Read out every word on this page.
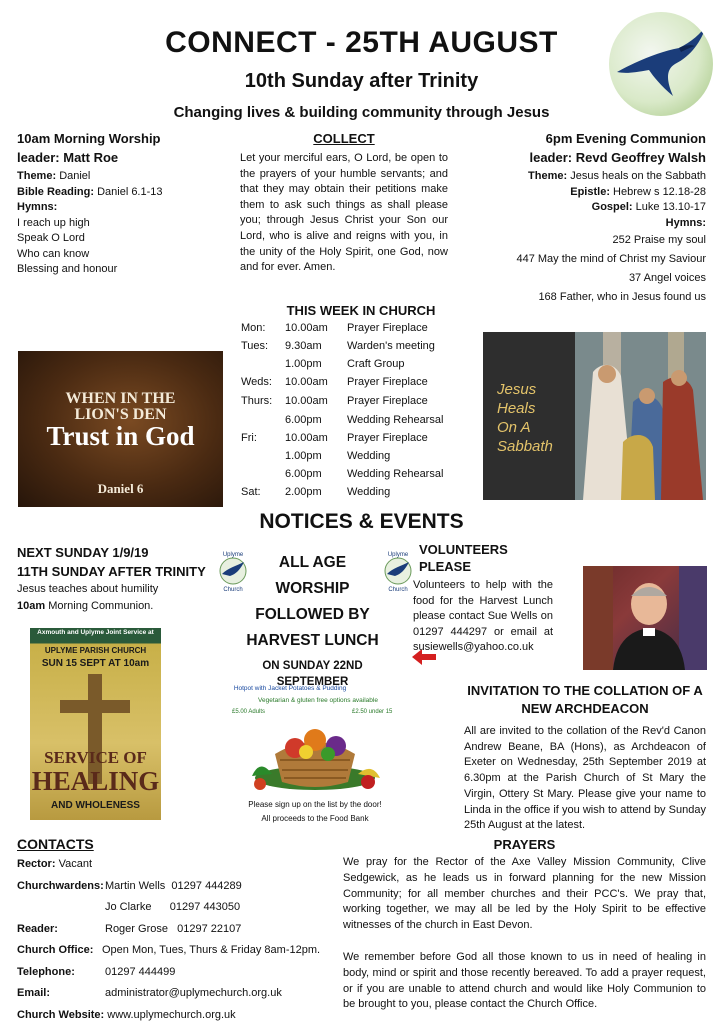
CONNECT - 25TH AUGUST
10th Sunday after Trinity
Changing lives & building community through Jesus
10am Morning Worship
leader: Matt Roe
Theme: Daniel
Bible Reading: Daniel 6.1-13
Hymns:
I reach up high
Speak O Lord
Who can know
Blessing and honour
COLLECT
Let your merciful ears, O Lord, be open to the prayers of your humble servants; and that they may obtain their petitions make them to ask such things as shall please you; through Jesus Christ your Son our Lord, who is alive and reigns with you, in the unity of the Holy Spirit, one God, now and for ever. Amen.
6pm Evening Communion
leader: Revd Geoffrey Walsh
Theme: Jesus heals on the Sabbath
Epistle: Hebrew s 12.18-28
Gospel: Luke 13.10-17
Hymns:
252 Praise my soul
447 May the mind of Christ my Saviour
37 Angel voices
168 Father, who in Jesus found us
THIS WEEK IN CHURCH
Mon: 10.00am Prayer Fireplace
Tues: 9.30am Warden's meeting
1.00pm Craft Group
Weds: 10.00am Prayer Fireplace
Thurs: 10.00am Prayer Fireplace
6.00pm Wedding Rehearsal
Fri:	10.00am Prayer Fireplace
1.00pm Wedding
6.00pm Wedding Rehearsal
Sat: 2.00pm Wedding
WHEN IN THE
LION'S DEN
Trust in God
Daniel 6
Jesus
Heals
On A
Sabbath
NOTICES & EVENTS
NEXT SUNDAY 1/9/19
11TH SUNDAY AFTER TRINITY
Jesus teaches about humility
10am Morning Communion.
Axmouth and Uplyme Joint Service at
UPLYME PARISH CHURCH
SUN 15 SEPT AT 10am
SERVICE OF
HEALING
AND WHOLENESS
Uplyme
Church
Uplyme
Church
ALL AGE
WORSHIP
FOLLOWED BY
HARVEST LUNCH
ON SUNDAY 22ND SEPTEMBER
Hotpot with Jacket Potatoes & Pudding
Vegetarian & gluten free options available
£5.00 Adults	£2.50 under 15
Please sign up on the list by the door!
All proceeds to the Food Bank
VOLUNTEERS PLEASE
Volunteers to help with the food for the Harvest Lunch please contact Sue Wells on 01297 444297 or email at susiewells@yahoo.co.uk
INVITATION TO THE COLLATION OF A NEW ARCHDEACON
All are invited to the collation of the Rev'd Canon Andrew Beane, BA (Hons), as Archdeacon of Exeter on Wednesday, 25th September 2019 at 6.30pm at the Parish Church of St Mary the Virgin, Ottery St Mary. Please give your name to Linda in the office if you wish to attend by Sunday 25th August at the latest.
CONTACTS
Rector: Vacant
Churchwardens: Martin Wells  01297 444289
Jo Clarke      01297 443050
Reader:	Roger Grose   01297 22107
Church Office: Open Mon, Tues, Thurs & Friday 8am-12pm.
Telephone:	01297 444499
Email:	administrator@uplymechurch.org.uk
Church Website: www.uplymechurch.org.uk
PRAYERS
We pray for the Rector of the Axe Valley Mission Community, Clive Sedgewick, as he leads us in forward planning for the new Mission Community; for all member churches and their PCC's. We pray that, working together, we may all be led by the Holy Spirit to be effective witnesses of the church in East Devon.
We remember before God all those known to us in need of healing in body, mind or spirit and those recently bereaved. To add a prayer request, or if you are unable to attend church and would like Holy Communion to be brought to you, please contact the Church Office.
